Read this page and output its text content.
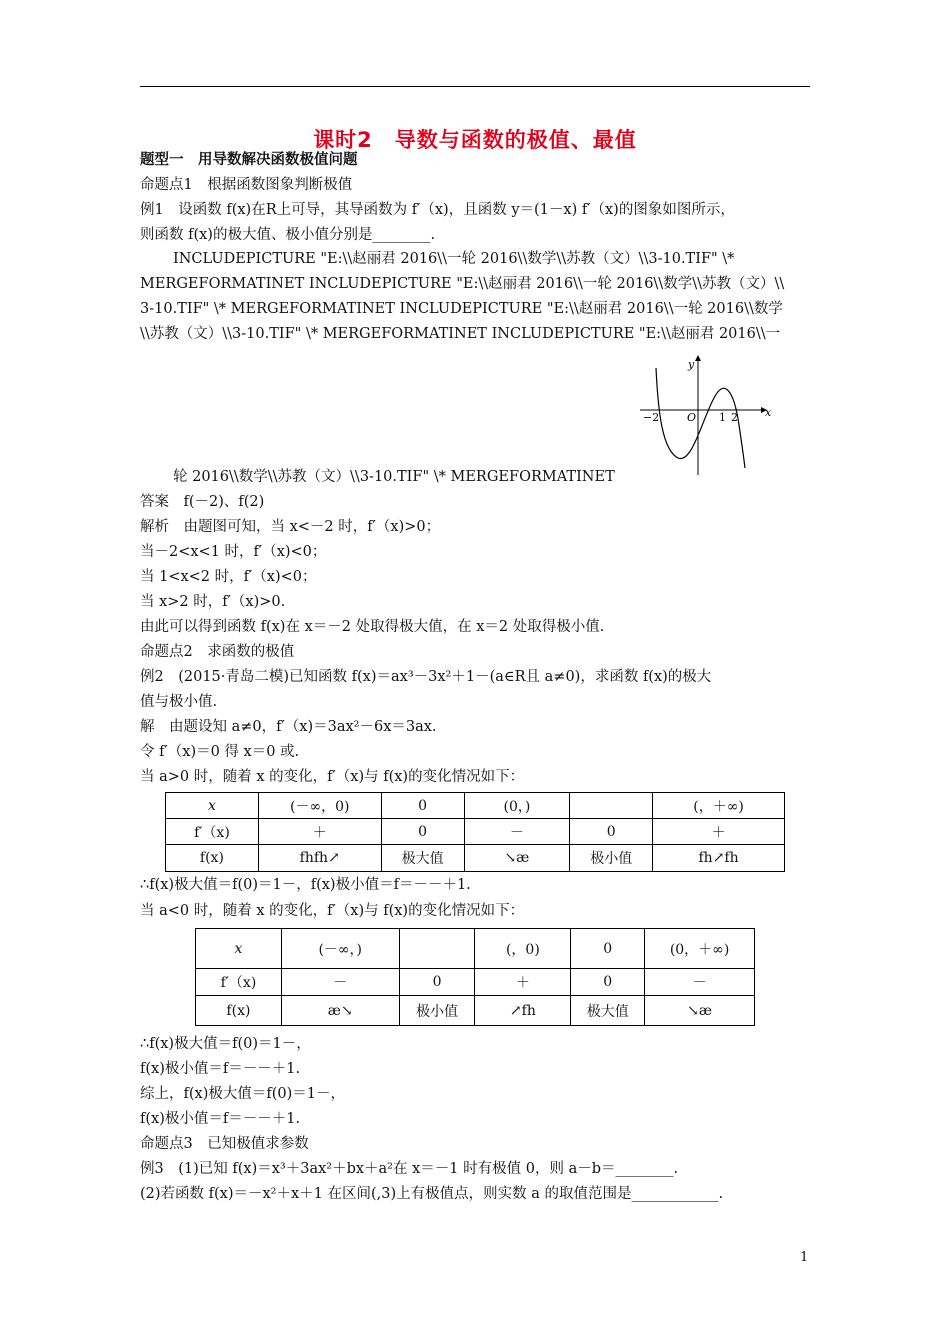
课时2　导数与函数的极值、最值
题型一　用导数解决函数极值问题
命题点1　根据函数图象判断极值
例1　设函数 f(x)在R上可导，其导函数为 f′（x)，且函数 y＝(1－x) f′（x)的图象如图所示，
则函数 f(x)的极大值、极小值分别是________.
INCLUDEPICTURE "E:\\赵丽君 2016\\一轮 2016\\数学\\苏教（文）\\3-10.TIF" \*
MERGEFORMATINET INCLUDEPICTURE "E:\\赵丽君 2016\\一轮 2016\\数学\\苏教（文）\\
3-10.TIF" \* MERGEFORMATINET INCLUDEPICTURE "E:\\赵丽君 2016\\一轮 2016\\数学
\\苏教（文）\\3-10.TIF" \* MERGEFORMATINET INCLUDEPICTURE "E:\\赵丽君 2016\\一
y
x
O
−2	1 2
轮 2016\\数学\\苏教（文）\\3-10.TIF" \* MERGEFORMATINET
答案　f(－2)、f(2)
解析　由题图可知，当 x<－2 时，f′（x)>0；
当－2<x<1 时，f′（x)<0；
当 1<x<2 时，f′（x)<0；
当 x>2 时，f′（x)>0.
由此可以得到函数 f(x)在 x＝－2 处取得极大值，在 x＝2 处取得极小值.
命题点2　求函数的极值
例2　(2015·青岛二模)已知函数 f(x)＝ax³－3x²＋1－(a∈R且 a≠0)，求函数 f(x)的极大
值与极小值.
解　由题设知 a≠0，f′（x)＝3ax²－6x＝3ax.
令 f′（x)＝0 得 x＝0 或.
当 a>0 时，随着 x 的变化，f′（x)与 f(x)的变化情况如下：
x	(－∞，0)	0	(0，)		(，＋∞)
f′（x)	＋	0	－	0	＋
f(x)	fhfh↗	极大值	↘æ	极小值	fh↗fh
∴f(x)极大值＝f(0)＝1－，f(x)极小值＝f＝－－＋1.
当 a<0 时，随着 x 的变化，f′（x)与 f(x)的变化情况如下：
x	(－∞，)		(，0)	0	(0，＋∞)
f′（x)	－	0	＋	0	－
f(x)	æ↘	极小值	↗fh	极大值	↘æ
∴f(x)极大值＝f(0)＝1－，
f(x)极小值＝f＝－－＋1.
综上，f(x)极大值＝f(0)＝1－，
f(x)极小值＝f＝－－＋1.
命题点3　已知极值求参数
例3　(1)已知 f(x)＝x³＋3ax²＋bx＋a²在 x＝－1 时有极值 0，则 a－b＝________.
(2)若函数 f(x)＝－x²＋x＋1 在区间(,3)上有极值点，则实数 a 的取值范围是____________.
1
